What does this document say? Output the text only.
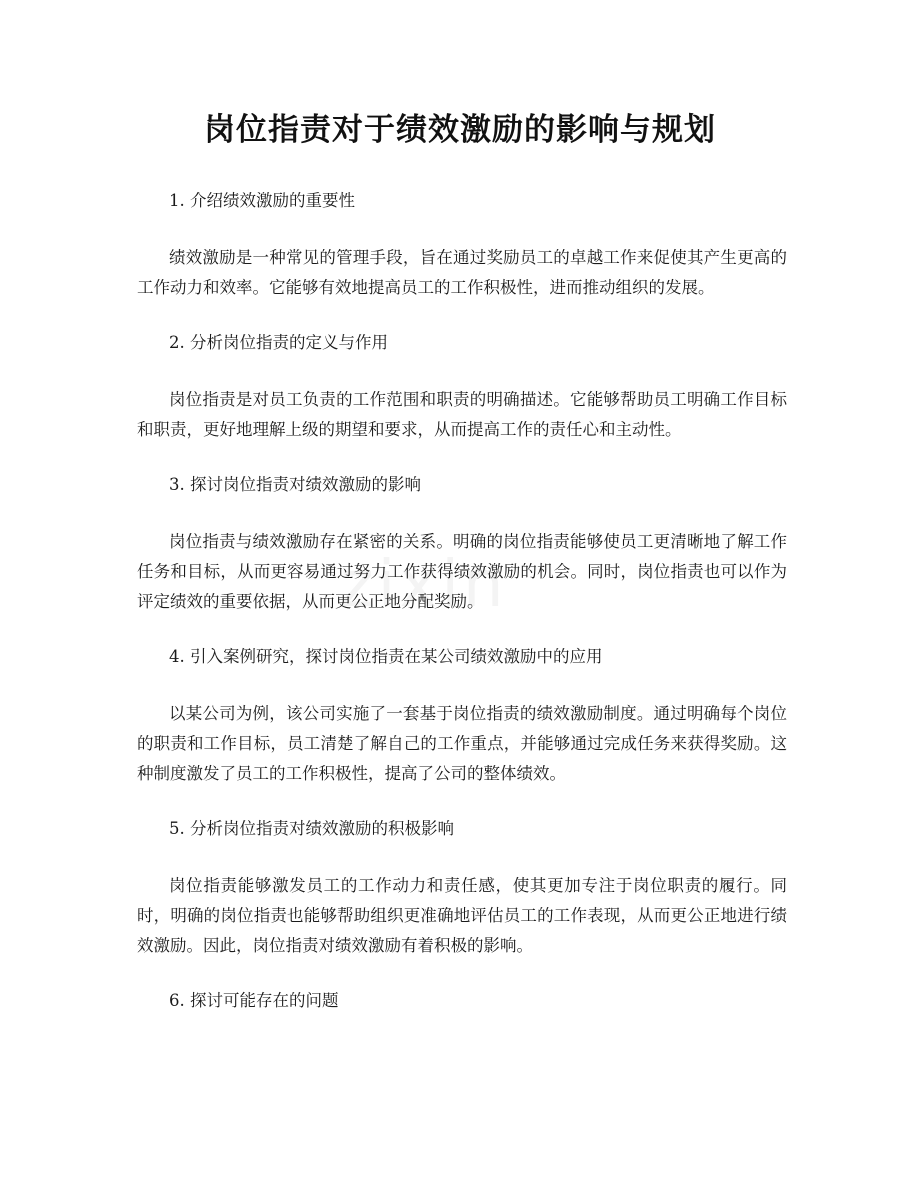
岗位指责对于绩效激励的影响与规划

1. 介绍绩效激励的重要性

绩效激励是一种常见的管理手段，旨在通过奖励员工的卓越工作来促使其产生更高的工作动力和效率。它能够有效地提高员工的工作积极性，进而推动组织的发展。

2. 分析岗位指责的定义与作用

岗位指责是对员工负责的工作范围和职责的明确描述。它能够帮助员工明确工作目标和职责，更好地理解上级的期望和要求，从而提高工作的责任心和主动性。

3. 探讨岗位指责对绩效激励的影响

岗位指责与绩效激励存在紧密的关系。明确的岗位指责能够使员工更清晰地了解工作任务和目标，从而更容易通过努力工作获得绩效激励的机会。同时，岗位指责也可以作为评定绩效的重要依据，从而更公正地分配奖励。

4. 引入案例研究，探讨岗位指责在某公司绩效激励中的应用

以某公司为例，该公司实施了一套基于岗位指责的绩效激励制度。通过明确每个岗位的职责和工作目标，员工清楚了解自己的工作重点，并能够通过完成任务来获得奖励。这种制度激发了员工的工作积极性，提高了公司的整体绩效。

5. 分析岗位指责对绩效激励的积极影响

岗位指责能够激发员工的工作动力和责任感，使其更加专注于岗位职责的履行。同时，明确的岗位指责也能够帮助组织更准确地评估员工的工作表现，从而更公正地进行绩效激励。因此，岗位指责对绩效激励有着积极的影响。

6. 探讨可能存在的问题
